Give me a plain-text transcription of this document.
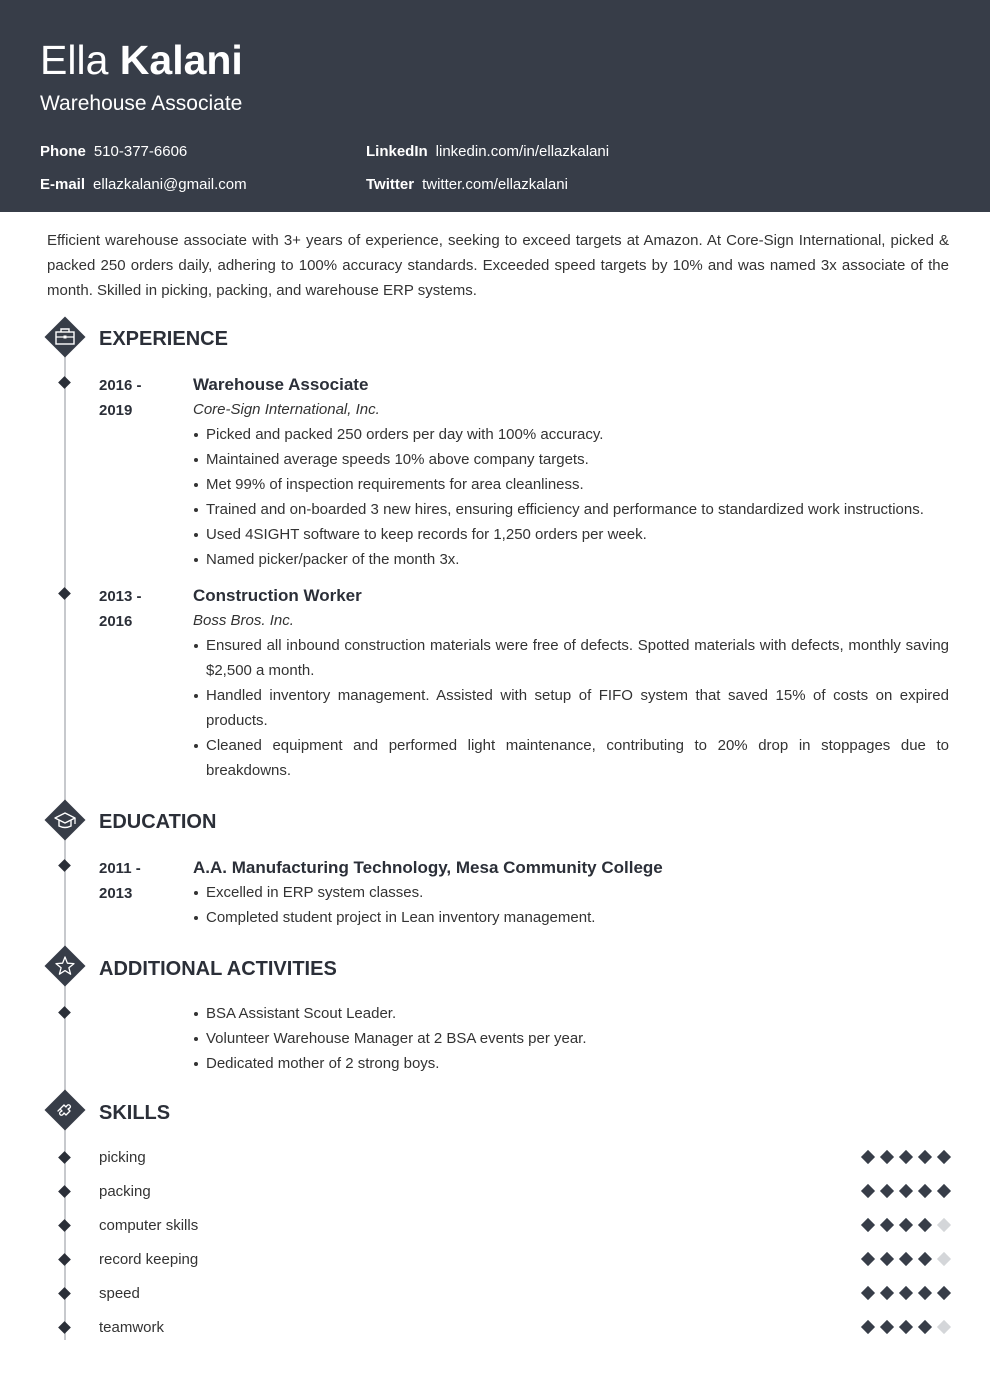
Ella Kalani
Warehouse Associate
Phone 510-377-6606
E-mail ellazkalani@gmail.com
LinkedIn linkedin.com/in/ellazkalani
Twitter twitter.com/ellazkalani
Efficient warehouse associate with 3+ years of experience, seeking to exceed targets at Amazon. At Core-Sign International, picked & packed 250 orders daily, adhering to 100% accuracy standards. Exceeded speed targets by 10% and was named 3x associate of the month. Skilled in picking, packing, and warehouse ERP systems.
EXPERIENCE
2016 -
2019
Warehouse Associate
Core-Sign International, Inc.
Picked and packed 250 orders per day with 100% accuracy.
Maintained average speeds 10% above company targets.
Met 99% of inspection requirements for area cleanliness.
Trained and on-boarded 3 new hires, ensuring efficiency and performance to standardized work instructions.
Used 4SIGHT software to keep records for 1,250 orders per week.
Named picker/packer of the month 3x.
2013 -
2016
Construction Worker
Boss Bros. Inc.
Ensured all inbound construction materials were free of defects. Spotted materials with defects, monthly saving $2,500 a month.
Handled inventory management. Assisted with setup of FIFO system that saved 15% of costs on expired products.
Cleaned equipment and performed light maintenance, contributing to 20% drop in stoppages due to breakdowns.
EDUCATION
2011 -
2013
A.A. Manufacturing Technology, Mesa Community College
Excelled in ERP system classes.
Completed student project in Lean inventory management.
ADDITIONAL ACTIVITIES
BSA Assistant Scout Leader.
Volunteer Warehouse Manager at 2 BSA events per year.
Dedicated mother of 2 strong boys.
SKILLS
picking
packing
computer skills
record keeping
speed
teamwork
